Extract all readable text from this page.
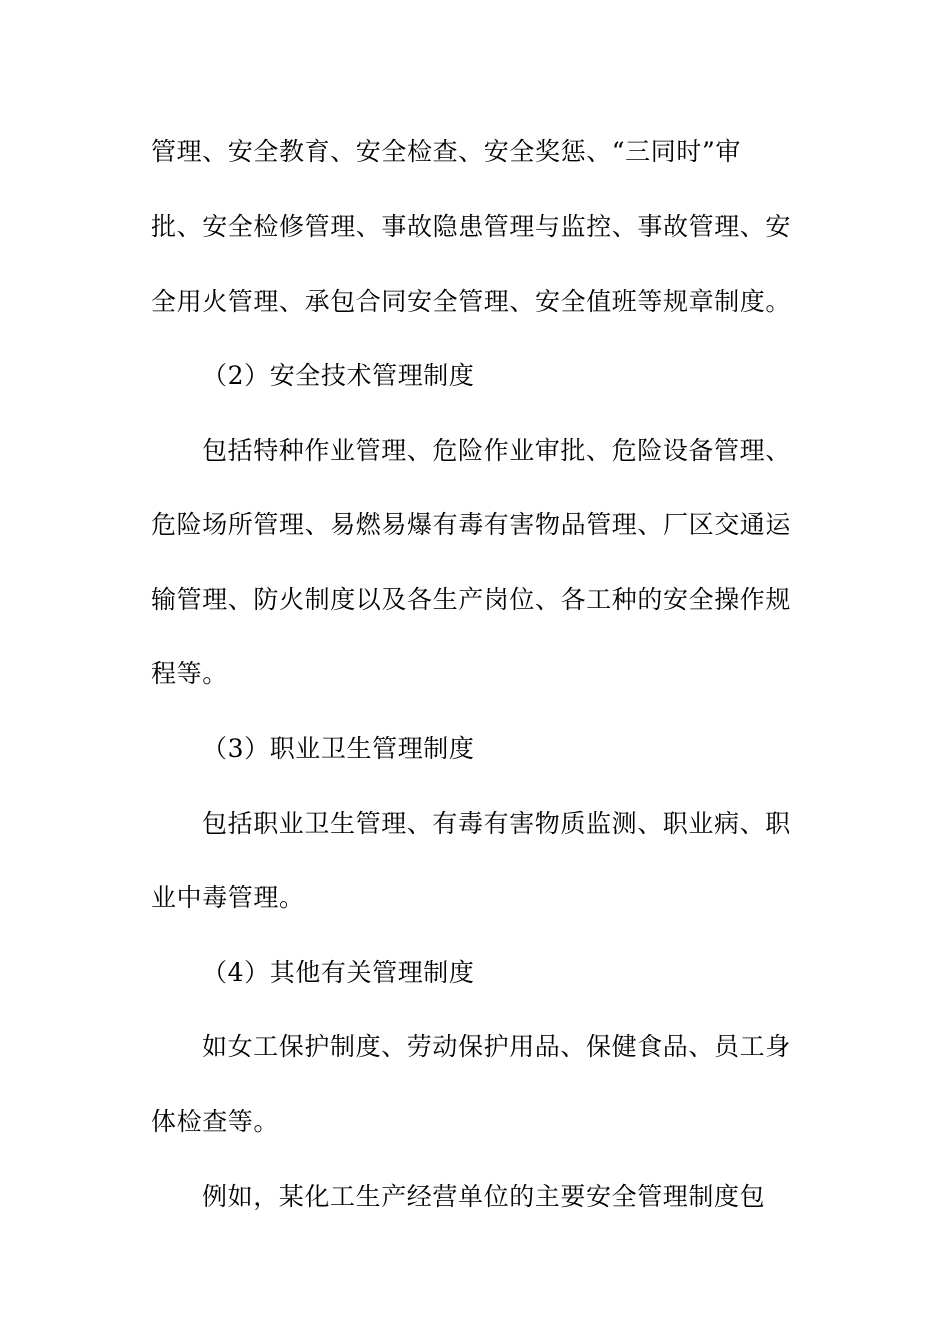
管理、安全教育、安全检查、安全奖惩、“三同时”审
批、安全检修管理、事故隐患管理与监控、事故管理、安
全用火管理、承包合同安全管理、安全值班等规章制度。
（2）安全技术管理制度
包括特种作业管理、危险作业审批、危险设备管理、
危险场所管理、易燃易爆有毒有害物品管理、厂区交通运
输管理、防火制度以及各生产岗位、各工种的安全操作规
程等。
（3）职业卫生管理制度
包括职业卫生管理、有毒有害物质监测、职业病、职
业中毒管理。
（4）其他有关管理制度
如女工保护制度、劳动保护用品、保健食品、员工身
体检查等。
例如，某化工生产经营单位的主要安全管理制度包
